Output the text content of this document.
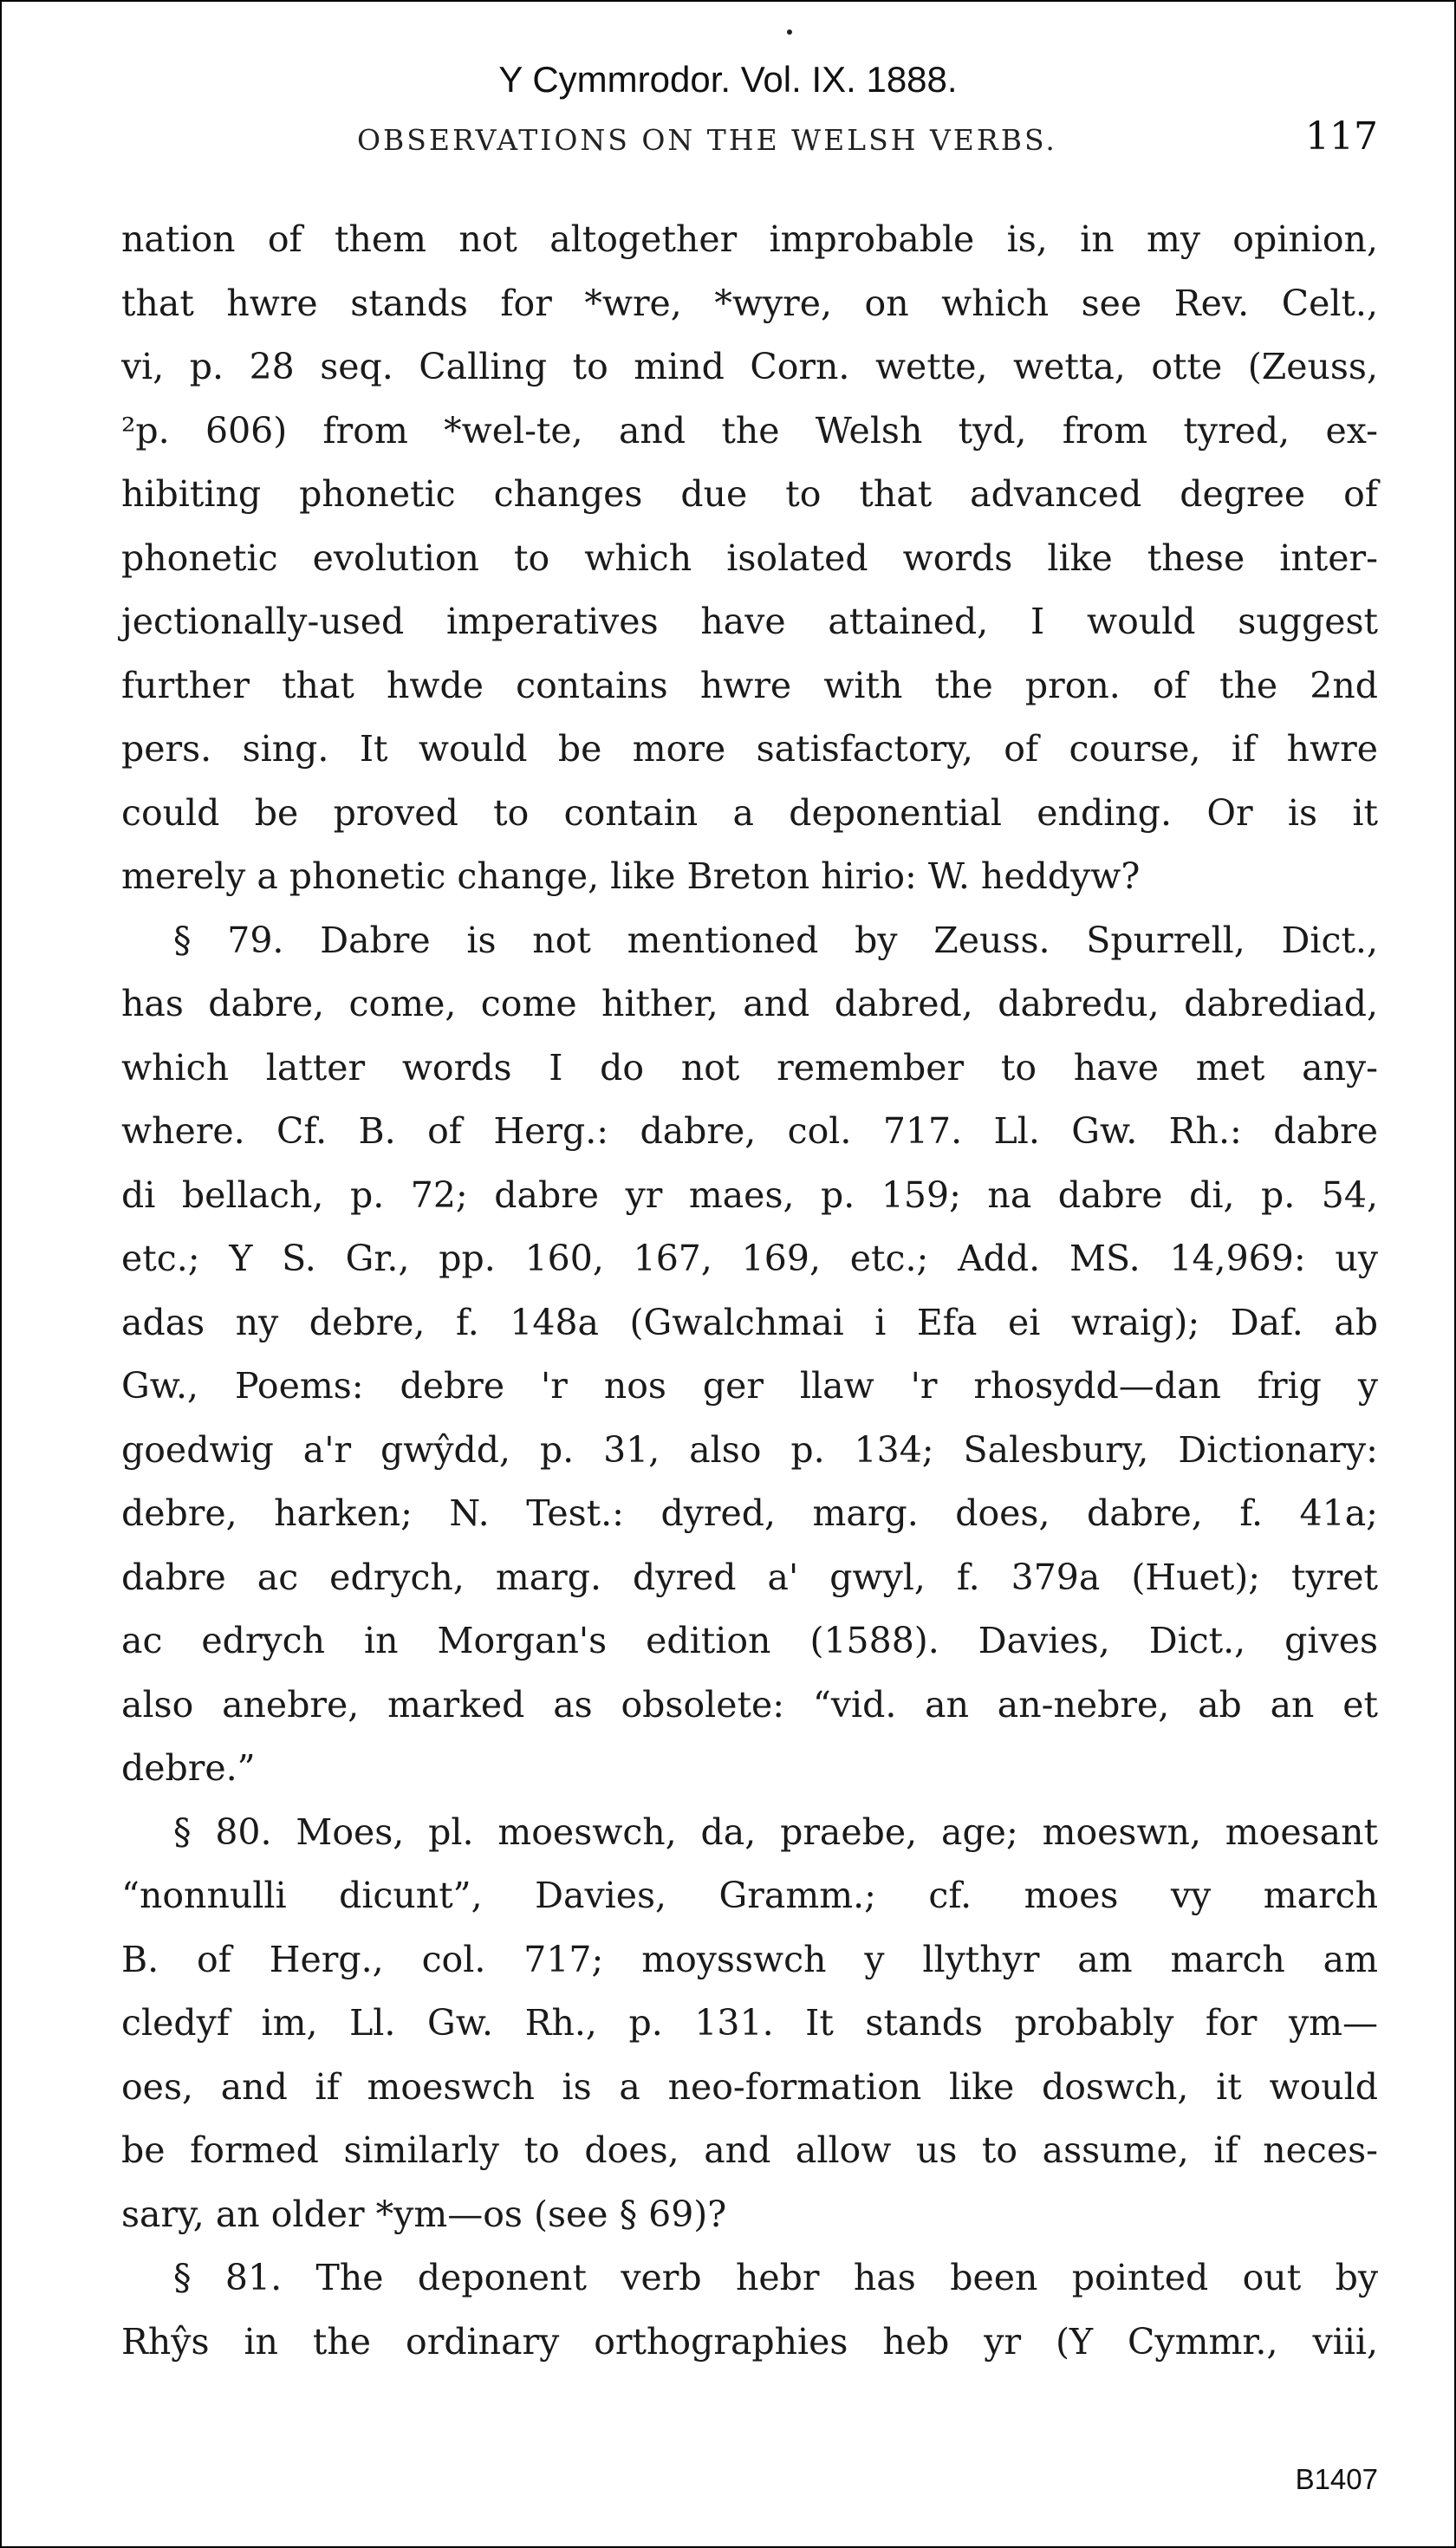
Y Cymmrodor. Vol. IX. 1888.
OBSERVATIONS ON THE WELSH VERBS.	117
nation of them not altogether improbable is, in my opinion,
that hwre stands for *wre, *wyre, on which see Rev. Celt.,
vi, p. 28 seq. Calling to mind Corn. wette, wetta, otte (Zeuss,
²p. 606) from *wel-te, and the Welsh tyd, from tyred, ex-
hibiting phonetic changes due to that advanced degree of
phonetic evolution to which isolated words like these inter-
jectionally-used imperatives have attained, I would suggest
further that hwde contains hwre with the pron. of the 2nd
pers. sing. It would be more satisfactory, of course, if hwre
could be proved to contain a deponential ending. Or is it
merely a phonetic change, like Breton hirio: W. heddyw?
§ 79. Dabre is not mentioned by Zeuss. Spurrell, Dict.,
has dabre, come, come hither, and dabred, dabredu, dabrediad,
which latter words I do not remember to have met any-
where. Cf. B. of Herg.: dabre, col. 717. Ll. Gw. Rh.: dabre
di bellach, p. 72; dabre yr maes, p. 159; na dabre di, p. 54,
etc.; Y S. Gr., pp. 160, 167, 169, etc.; Add. MS. 14,969: uy
adas ny debre, f. 148a (Gwalchmai i Efa ei wraig); Daf. ab
Gw., Poems: debre 'r nos ger llaw 'r rhosydd—dan frig y
goedwig a'r gwŷdd, p. 31, also p. 134; Salesbury, Dictionary:
debre, harken; N. Test.: dyred, marg. does, dabre, f. 41a;
dabre ac edrych, marg. dyred a' gwyl, f. 379a (Huet); tyret
ac edrych in Morgan's edition (1588). Davies, Dict., gives
also anebre, marked as obsolete: “vid. an an-nebre, ab an et
debre.”
§ 80. Moes, pl. moeswch, da, praebe, age; moeswn, moesant
“nonnulli dicunt”, Davies, Gramm.; cf. moes vy march
B. of Herg., col. 717; moysswch y llythyr am march am
cledyf im, Ll. Gw. Rh., p. 131. It stands probably for ym—
oes, and if moeswch is a neo-formation like doswch, it would
be formed similarly to does, and allow us to assume, if neces-
sary, an older *ym—os (see § 69)?
§ 81. The deponent verb hebr has been pointed out by
Rhŷs in the ordinary orthographies heb yr (Y Cymmr., viii,
B1407
